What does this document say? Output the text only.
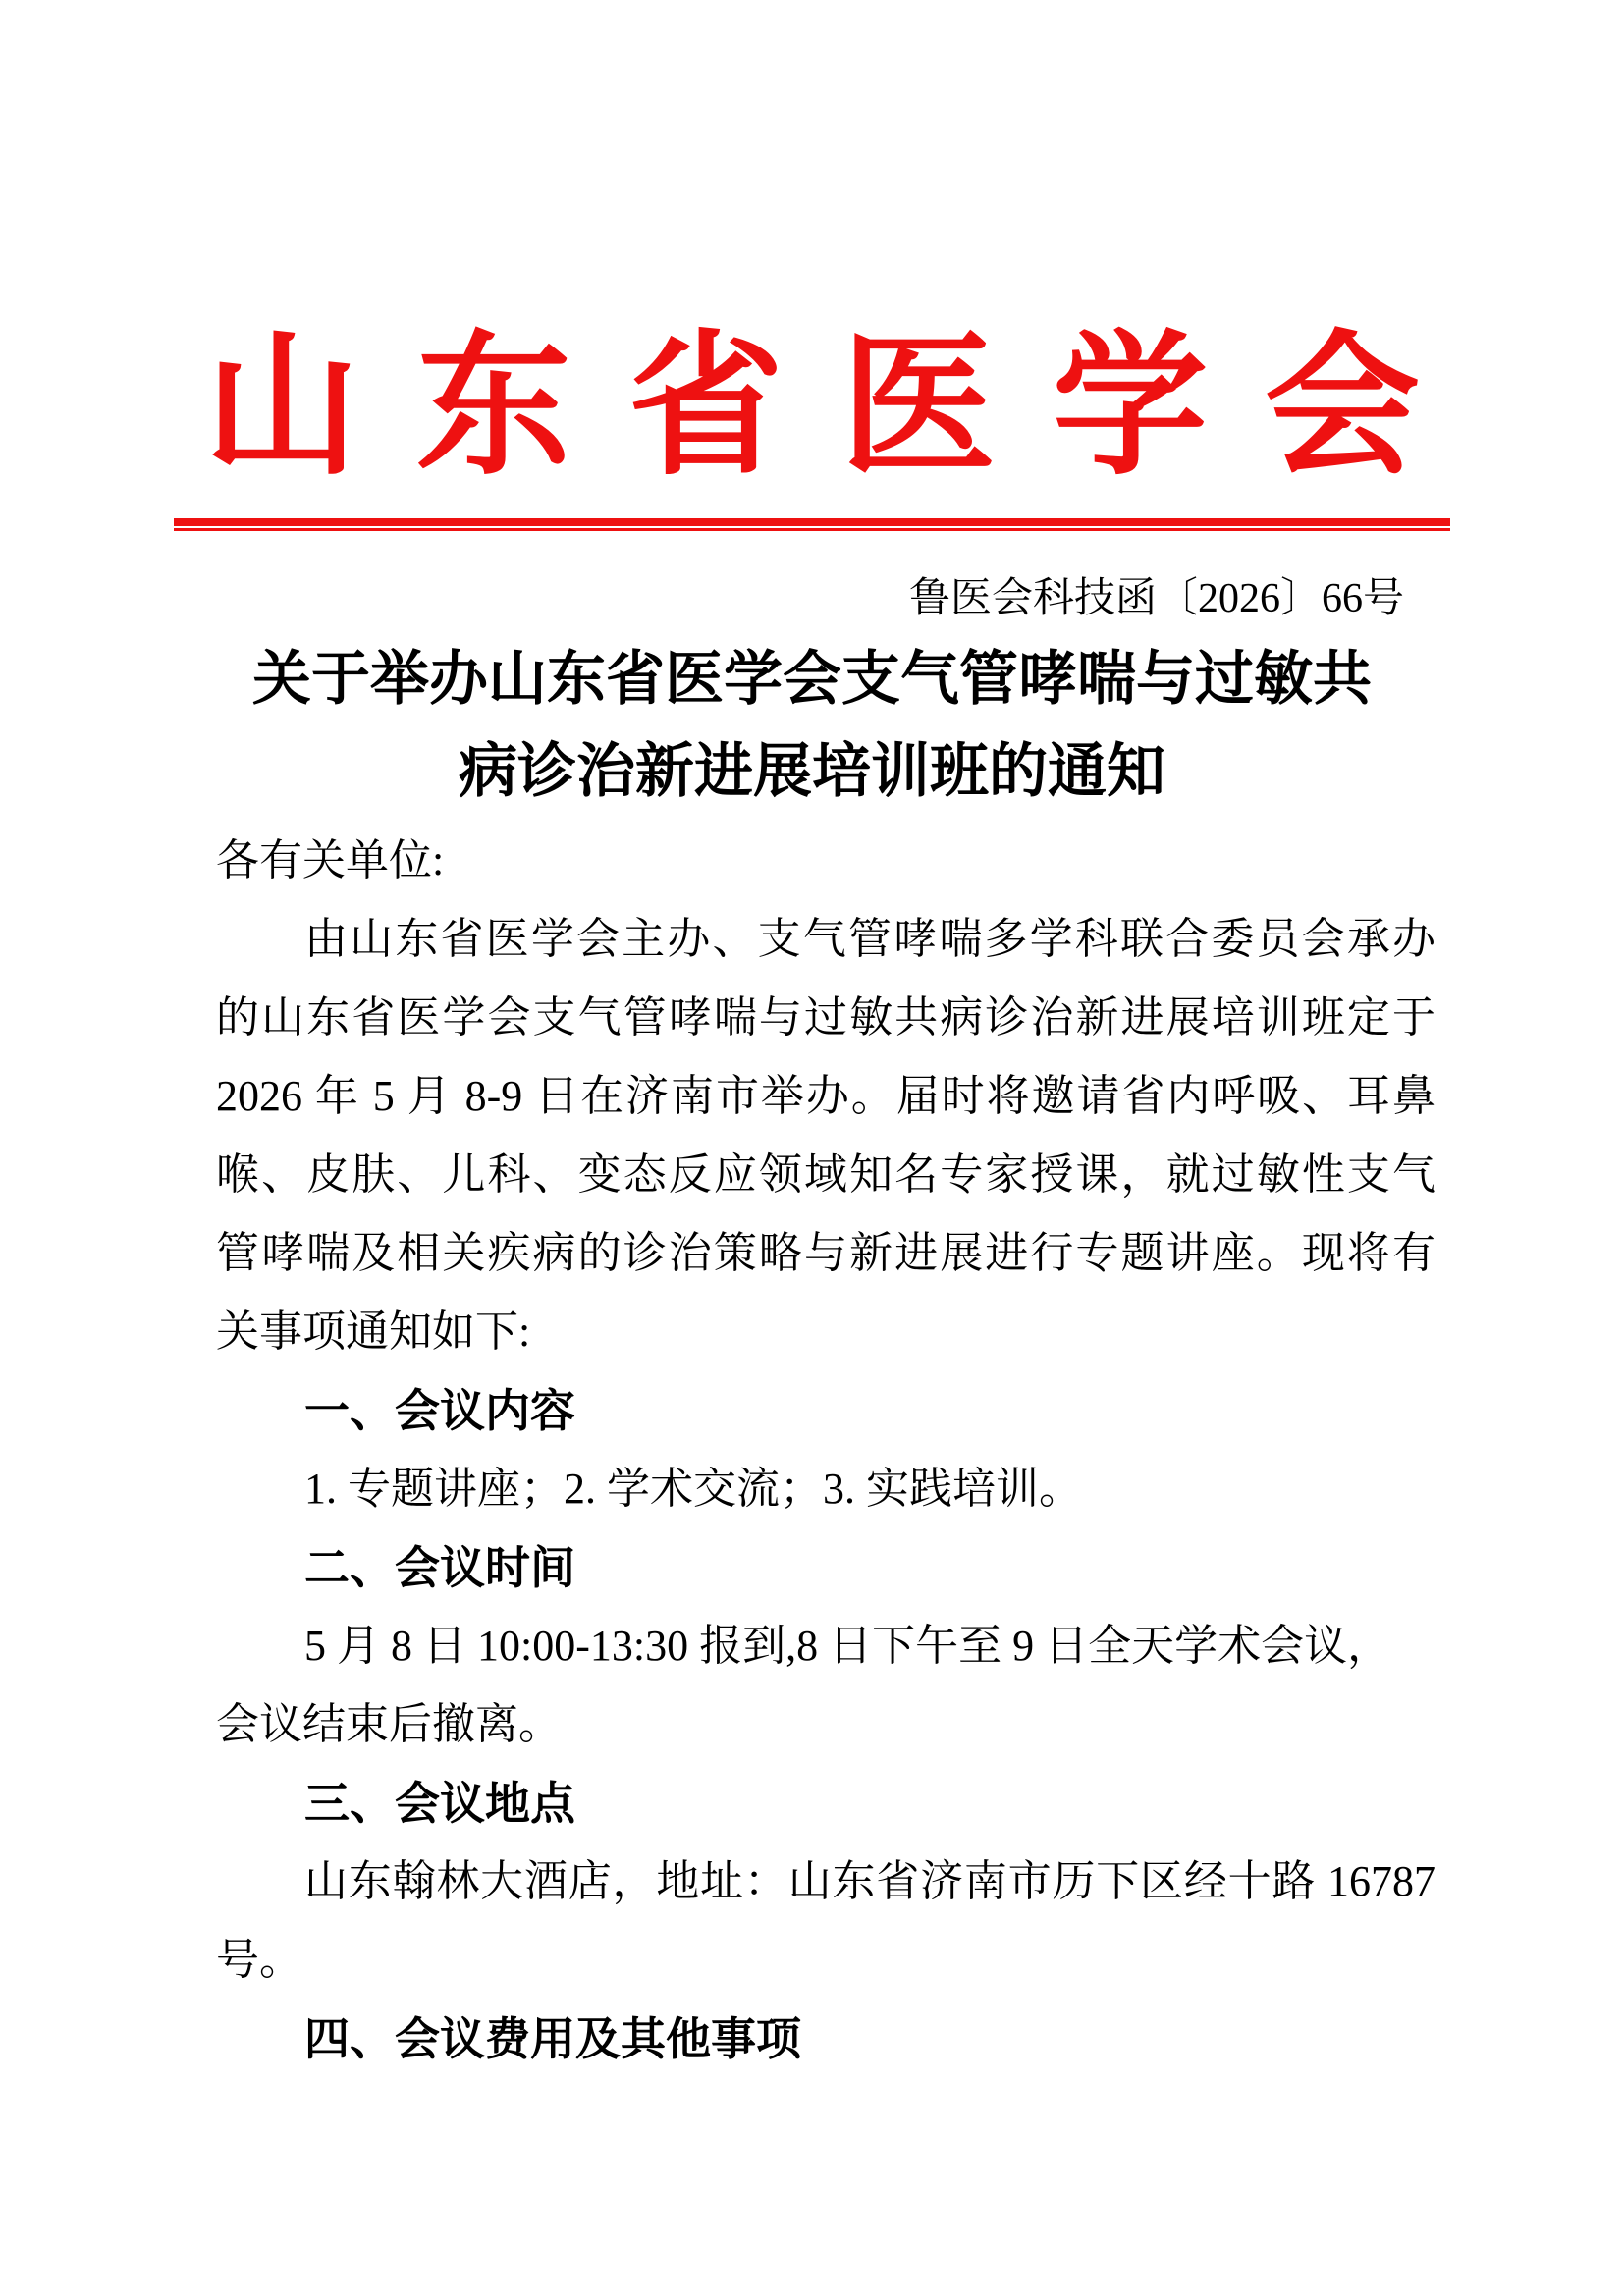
山东省医学会
鲁医会科技函〔2026〕66号
关于举办山东省医学会支气管哮喘与过敏共
病诊治新进展培训班的通知
各有关单位:
由山东省医学会主办、支气管哮喘多学科联合委员会承办
的山东省医学会支气管哮喘与过敏共病诊治新进展培训班定于
2026 年 5 月 8-9 日在济南市举办。届时将邀请省内呼吸、耳鼻
喉、皮肤、儿科、变态反应领域知名专家授课，就过敏性支气
管哮喘及相关疾病的诊治策略与新进展进行专题讲座。现将有
关事项通知如下:
一、会议内容
1. 专题讲座；2. 学术交流；3. 实践培训。
二、会议时间
5 月 8 日 10:00-13:30 报到,8 日下午至 9 日全天学术会议，
会议结束后撤离。
三、会议地点
山东翰林大酒店，地址：山东省济南市历下区经十路 16787
号。
四、会议费用及其他事项
